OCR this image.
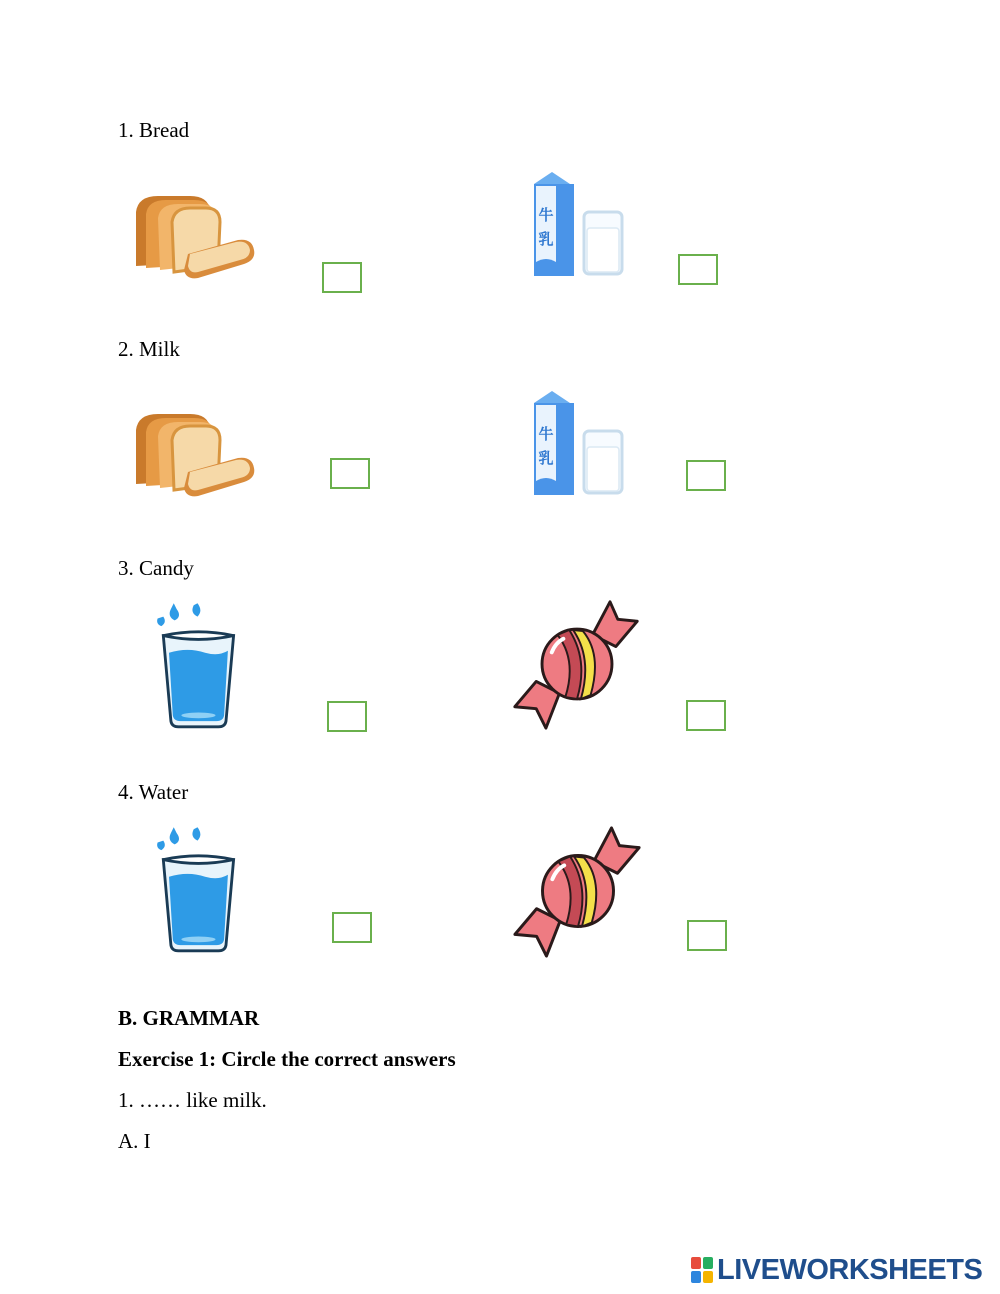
1. Bread
2. Milk
3. Candy
4. Water
B. GRAMMAR
Exercise 1: Circle the correct answers
1. …… like milk.
A. I
LIVEWORKSHEETS
